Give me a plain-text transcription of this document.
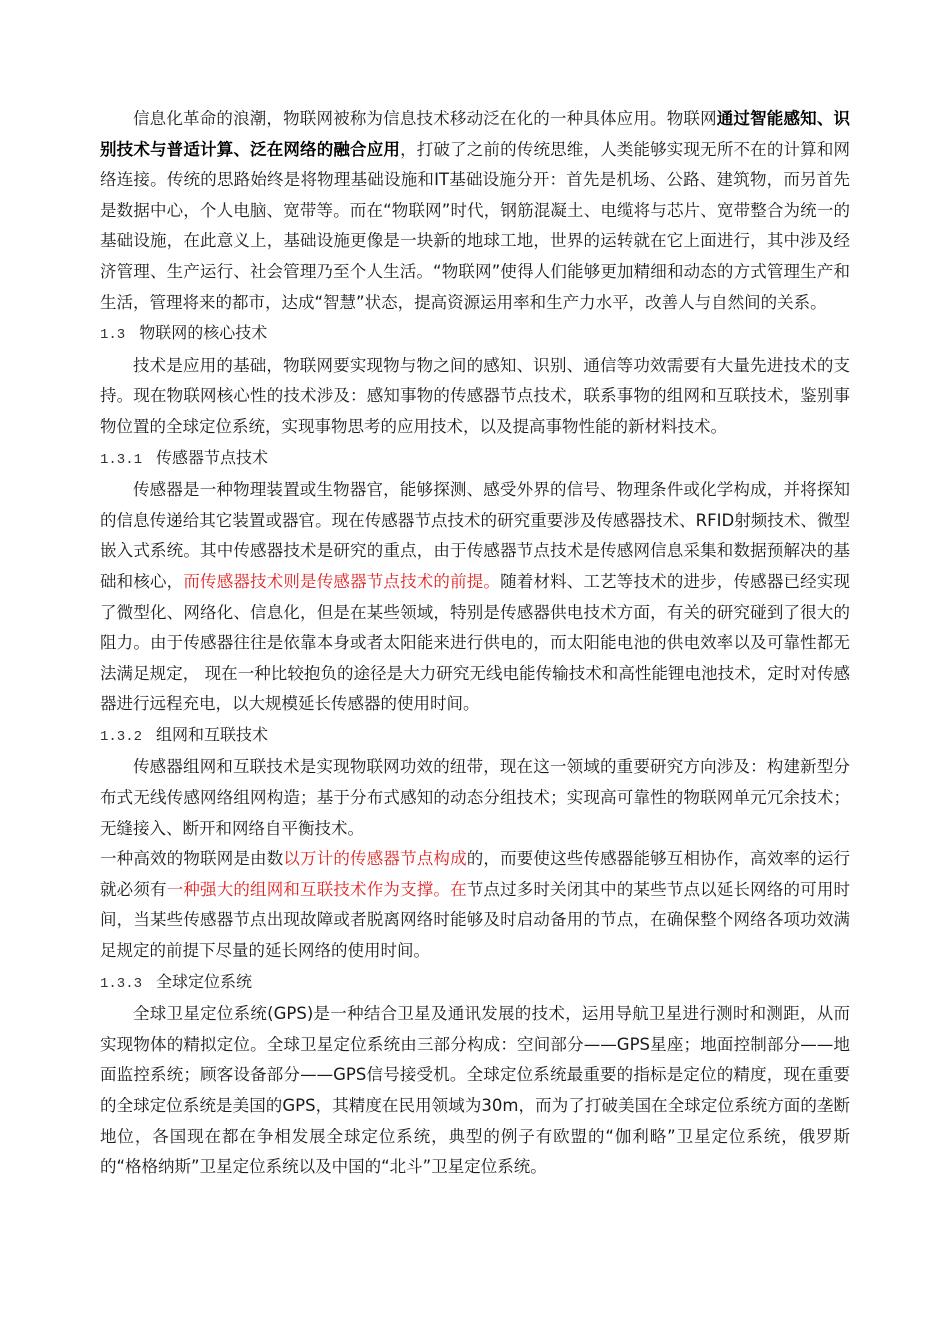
信息化革命的浪潮，物联网被称为信息技术移动泛在化的一种具体应用。物联网通过智能感知、识别技术与普适计算、泛在网络的融合应用，打破了之前的传统思维，人类能够实现无所不在的计算和网络连接。传统的思路始终是将物理基础设施和IT基础设施分开：首先是机场、公路、建筑物，而另首先是数据中心，个人电脑、宽带等。而在“物联网”时代，钢筋混凝土、电缆将与芯片、宽带整合为统一的基础设施，在此意义上，基础设施更像是一块新的地球工地，世界的运转就在它上面进行，其中涉及经济管理、生产运行、社会管理乃至个人生活。“物联网”使得人们能够更加精细和动态的方式管理生产和生活，管理将来的都市，达成“智慧”状态，提高资源运用率和生产力水平，改善人与自然间的关系。

1.3 物联网的核心技术

技术是应用的基础，物联网要实现物与物之间的感知、识别、通信等功效需要有大量先进技术的支持。现在物联网核心性的技术涉及：感知事物的传感器节点技术，联系事物的组网和互联技术，鉴别事物位置的全球定位系统，实现事物思考的应用技术，以及提高事物性能的新材料技术。

1.3.1 传感器节点技术

传感器是一种物理装置或生物器官，能够探测、感受外界的信号、物理条件或化学构成，并将探知的信息传递给其它装置或器官。现在传感器节点技术的研究重要涉及传感器技术、RFID射频技术、微型嵌入式系统。其中传感器技术是研究的重点，由于传感器节点技术是传感网信息采集和数据预解决的基础和核心，而传感器技术则是传感器节点技术的前提。随着材料、工艺等技术的进步，传感器已经实现了微型化、网络化、信息化，但是在某些领域，特别是传感器供电技术方面，有关的研究碰到了很大的阻力。由于传感器往往是依靠本身或者太阳能来进行供电的，而太阳能电池的供电效率以及可靠性都无法满足规定， 现在一种比较抱负的途径是大力研究无线电能传输技术和高性能锂电池技术，定时对传感器进行远程充电，以大规模延长传感器的使用时间。

1.3.2 组网和互联技术

传感器组网和互联技术是实现物联网功效的纽带，现在这一领域的重要研究方向涉及：构建新型分布式无线传感网络组网构造；基于分布式感知的动态分组技术；实现高可靠性的物联网单元冗余技术；无缝接入、断开和网络自平衡技术。

一种高效的物联网是由数以万计的传感器节点构成的，而要使这些传感器能够互相协作，高效率的运行就必须有一种强大的组网和互联技术作为支撑。在节点过多时关闭其中的某些节点以延长网络的可用时间，当某些传感器节点出现故障或者脱离网络时能够及时启动备用的节点，在确保整个网络各项功效满足规定的前提下尽量的延长网络的使用时间。

1.3.3 全球定位系统

全球卫星定位系统(GPS)是一种结合卫星及通讯发展的技术，运用导航卫星进行测时和测距，从而实现物体的精拟定位。全球卫星定位系统由三部分构成：空间部分——GPS星座；地面控制部分——地面监控系统；顾客设备部分——GPS信号接受机。全球定位系统最重要的指标是定位的精度，现在重要的全球定位系统是美国的GPS，其精度在民用领域为30m，而为了打破美国在全球定位系统方面的垄断地位，各国现在都在争相发展全球定位系统，典型的例子有欧盟的“伽利略”卫星定位系统，俄罗斯的“格格纳斯”卫星定位系统以及中国的“北斗”卫星定位系统。
